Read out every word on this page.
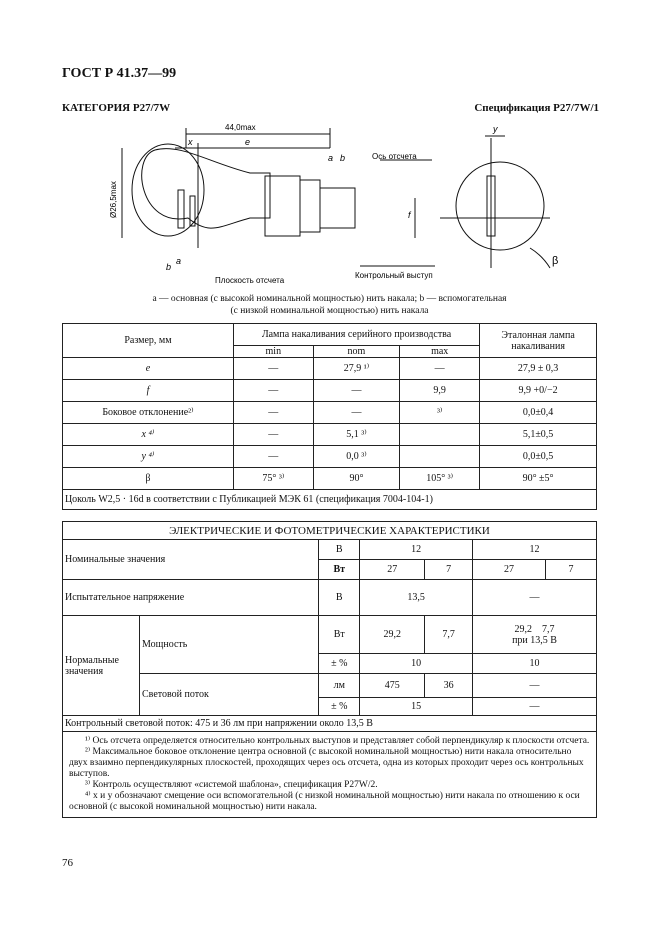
ГОСТ Р 41.37—99
КАТЕГОРИЯ P27/7W	Спецификация P27/7W/1
44,0max
e
x
Ø26,5max
a
b
a b	Ось отсчета
Плоскость отсчета
Контрольный выступ
f
y
β
a — основная (с высокой номинальной мощностью) нить накала; b — вспомогательная
(с низкой номинальной мощностью) нить накала
Размер, мм	Лампа накаливания серийного производства			Эталонная лампа накаливания
	min	nom	max	
e	—	27,9 ¹⁾	—	27,9 ± 0,3
f	—	—	9,9	9,9 +0/−2
Боковое отклонение²⁾	—	—	³⁾	0,0±0,4
x ⁴⁾	—	5,1 ³⁾		5,1±0,5
y ⁴⁾	—	0,0 ³⁾		0,0±0,5
β	75° ³⁾	90°	105° ³⁾	90° ±5°
Цоколь W2,5 · 16d в соответствии с Публикацией МЭК 61 (спецификация 7004-104-1)				
ЭЛЕКТРИЧЕСКИЕ И ФОТОМЕТРИЧЕСКИЕ ХАРАКТЕРИСТИКИ						
Номинальные значения		В	12		12	
		Вт	27	7	27	7
Испытательное напряжение		В	13,5		—	
Нормальные значения	Мощность	Вт	29,2	7,7	29,2 7,7
при 13,5 В	
		± %	10		10	
	Световой поток	лм	475	36	—	
		± %	15		—	
Контрольный световой поток: 475 и 36 лм при напряжении около 13,5 В						

¹⁾ Ось отсчета определяется относительно контрольных выступов и представляет собой перпендикуляр к плоскости отсчета.
²⁾ Максимальное боковое отклонение центра основной (с высокой номинальной мощностью) нити накала относительно двух взаимно перпендикулярных плоскостей, проходящих через ось отсчета, одна из которых проходит через ось контрольных выступов.
³⁾ Контроль осуществляют «системой шаблона», спецификация P27W/2.
⁴⁾ x и y обозначают смещение оси вспомогательной (с низкой номинальной мощностью) нити накала по отношению к оси основной (с высокой номинальной мощностью) нити накала.						
76
